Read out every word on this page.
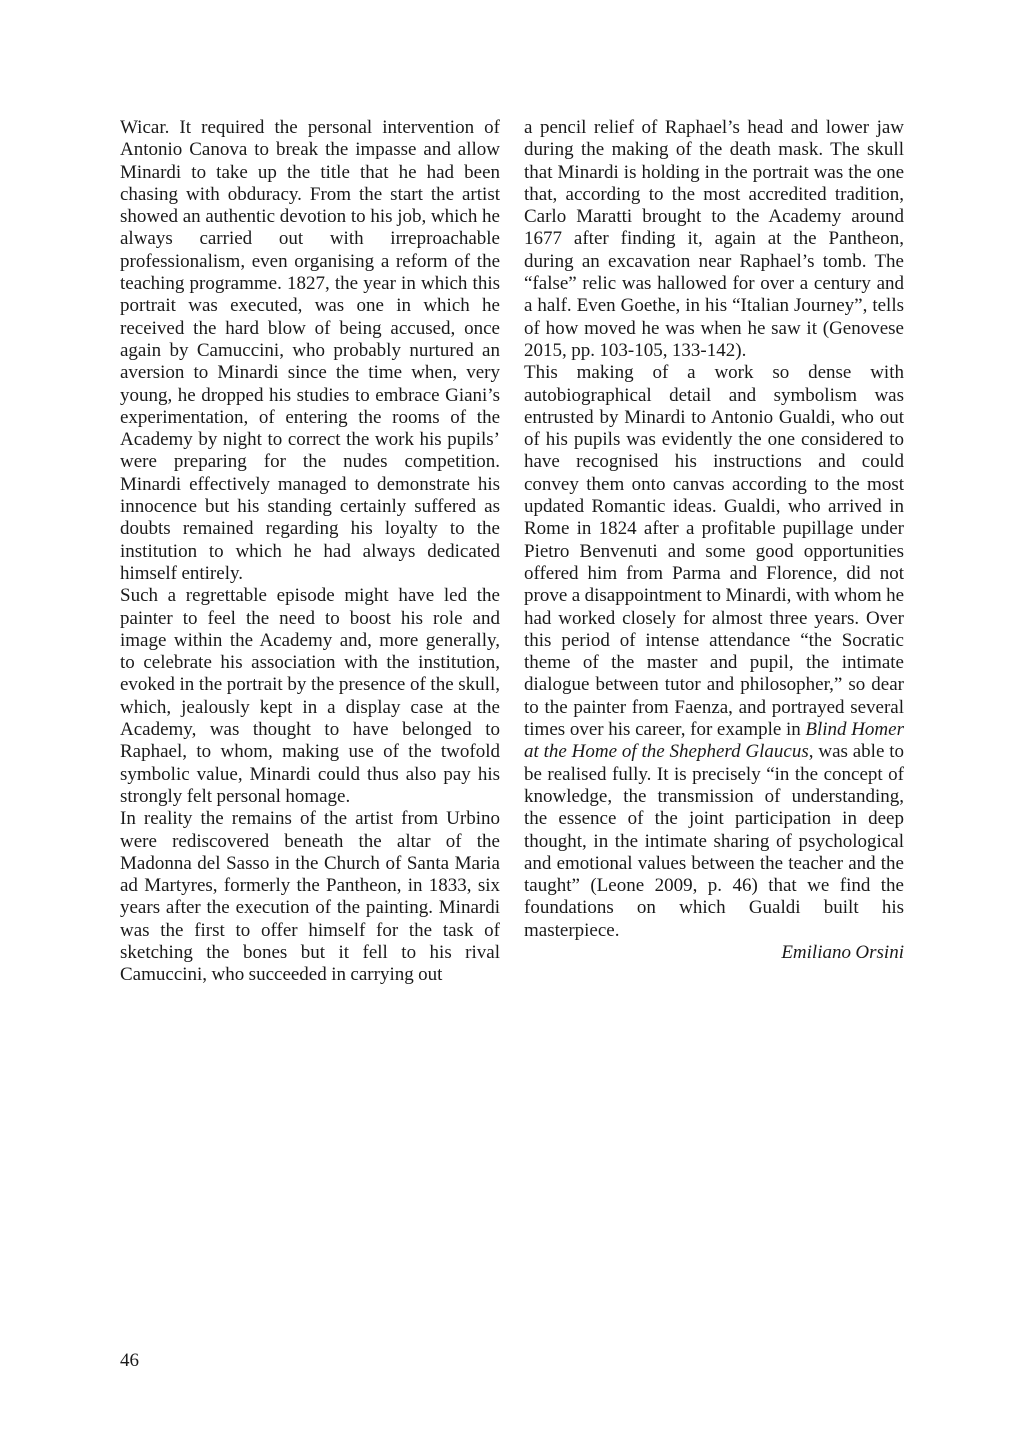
Wicar. It required the personal intervention of Antonio Canova to break the impasse and allow Minardi to take up the title that he had been chasing with obduracy. From the start the artist showed an authentic devotion to his job, which he always carried out with irreproachable professionalism, even organising a reform of the teaching programme. 1827, the year in which this portrait was executed, was one in which he received the hard blow of being accused, once again by Camuccini, who probably nurtured an aversion to Minardi since the time when, very young, he dropped his studies to embrace Giani’s experimentation, of entering the rooms of the Academy by night to correct the work his pupils’ were preparing for the nudes competition. Minardi effectively managed to demonstrate his innocence but his standing certainly suffered as doubts remained regarding his loyalty to the institution to which he had always dedicated himself entirely.

Such a regrettable episode might have led the painter to feel the need to boost his role and image within the Academy and, more generally, to celebrate his association with the institution, evoked in the portrait by the presence of the skull, which, jealously kept in a display case at the Academy, was thought to have belonged to Raphael, to whom, making use of the twofold symbolic value, Minardi could thus also pay his strongly felt personal homage.

In reality the remains of the artist from Urbino were rediscovered beneath the altar of the Madonna del Sasso in the Church of Santa Maria ad Martyres, formerly the Pantheon, in 1833, six years after the execution of the painting. Minardi was the first to offer himself for the task of sketching the bones but it fell to his rival Camuccini, who succeeded in carrying out

a pencil relief of Raphael’s head and lower jaw during the making of the death mask. The skull that Minardi is holding in the portrait was the one that, according to the most accredited tradition, Carlo Maratti brought to the Academy around 1677 after finding it, again at the Pantheon, during an excavation near Raphael’s tomb. The “false” relic was hallowed for over a century and a half. Even Goethe, in his “Italian Journey”, tells of how moved he was when he saw it (Genovese 2015, pp. 103-105, 133-142).

This making of a work so dense with autobiographical detail and symbolism was entrusted by Minardi to Antonio Gualdi, who out of his pupils was evidently the one considered to have recognised his instructions and could convey them onto canvas according to the most updated Romantic ideas. Gualdi, who arrived in Rome in 1824 after a profitable pupillage under Pietro Benvenuti and some good opportunities offered him from Parma and Florence, did not prove a disappointment to Minardi, with whom he had worked closely for almost three years. Over this period of intense attendance “the Socratic theme of the master and pupil, the intimate dialogue between tutor and philosopher,” so dear to the painter from Faenza, and portrayed several times over his career, for example in Blind Homer at the Home of the Shepherd Glaucus, was able to be realised fully. It is precisely “in the concept of knowledge, the transmission of understanding, the essence of the joint participation in deep thought, in the intimate sharing of psychological and emotional values between the teacher and the taught” (Leone 2009, p. 46) that we find the foundations on which Gualdi built his masterpiece.

Emiliano Orsini

46
